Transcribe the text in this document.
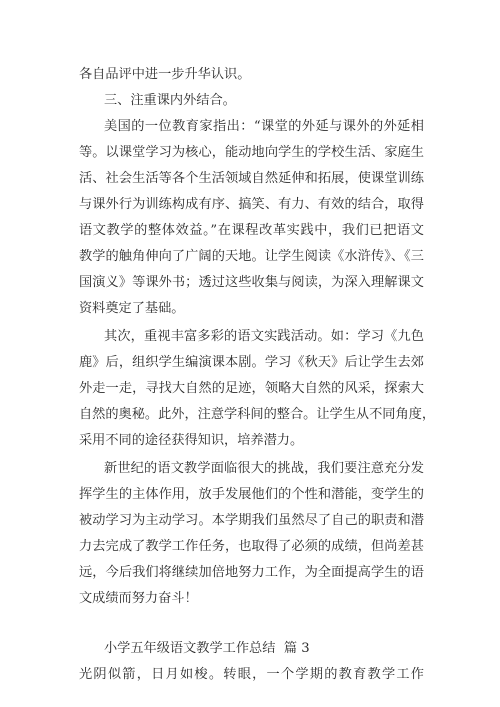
各自品评中进一步升华认识。
三、注重课内外结合。
美国的一位教育家指出：“课堂的外延与课外的外延相
等。以课堂学习为核心，能动地向学生的学校生活、家庭生
活、社会生活等各个生活领域自然延伸和拓展，使课堂训练
与课外行为训练构成有序、搞笑、有力、有效的结合，取得
语文教学的整体效益。”在课程改革实践中，我们已把语文
教学的触角伸向了广阔的天地。让学生阅读《水浒传》、《三
国演义》等课外书；透过这些收集与阅读，为深入理解课文
资料奠定了基础。
其次，重视丰富多彩的语文实践活动。如：学习《九色
鹿》后，组织学生编演课本剧。学习《秋天》后让学生去郊
外走一走，寻找大自然的足迹，领略大自然的风采，探索大
自然的奥秘。此外，注意学科间的整合。让学生从不同角度，
采用不同的途径获得知识，培养潜力。
新世纪的语文教学面临很大的挑战，我们要注意充分发
挥学生的主体作用，放手发展他们的个性和潜能，变学生的
被动学习为主动学习。本学期我们虽然尽了自己的职责和潜
力去完成了教学工作任务，也取得了必须的成绩，但尚差甚
远，今后我们将继续加倍地努力工作，为全面提高学生的语
文成绩而努力奋斗！
小学五年级语文教学工作总结  篇 3
光阴似箭，日月如梭。转眼，一个学期的教育教学工作
